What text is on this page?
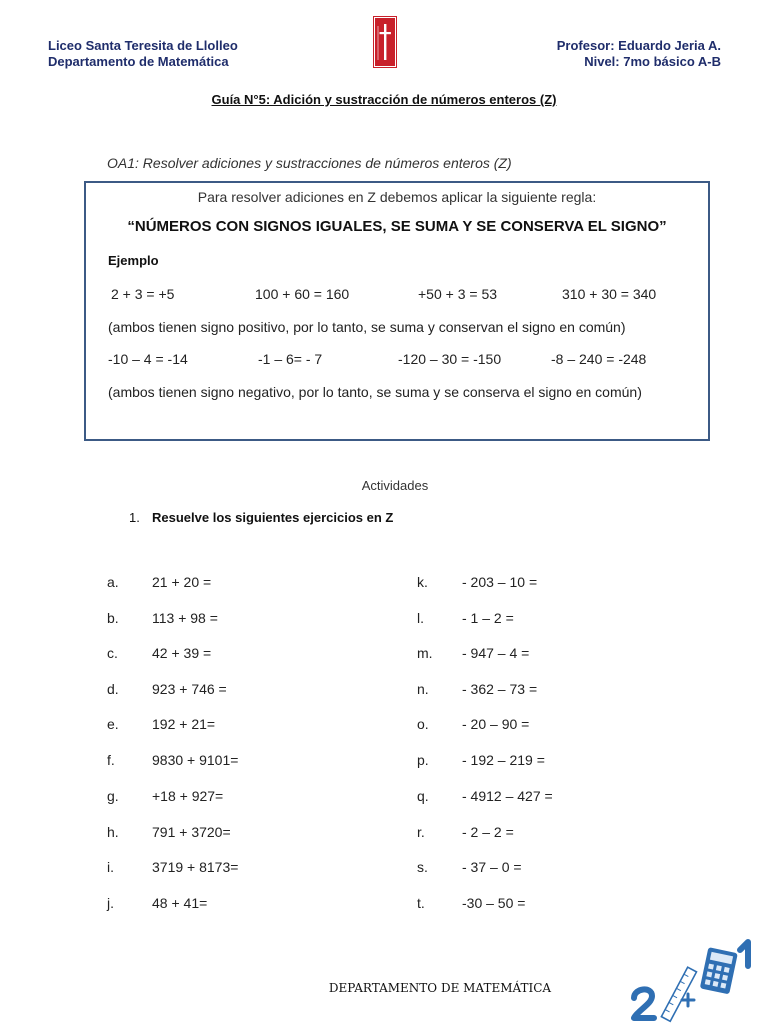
Liceo Santa Teresita de Llolleo
Departamento de Matemática
Profesor: Eduardo Jeria A.
Nivel: 7mo básico A-B
Guía N°5: Adición y sustracción de números enteros (Z)
OA1: Resolver adiciones y sustracciones de números enteros (Z)
Para resolver adiciones en Z debemos aplicar la siguiente regla:
“NÚMEROS CON SIGNOS IGUALES, SE SUMA Y SE CONSERVA EL SIGNO”
Ejemplo
2 + 3 = +5	100 + 60 = 160	+50 + 3 = 53	310 + 30 = 340
(ambos tienen signo positivo, por lo tanto, se suma y conservan el signo en común)
-10 – 4 = -14	-1 – 6= - 7	-120 – 30 = -150	-8 – 240 = -248
(ambos tienen signo negativo, por lo tanto, se suma y se conserva el signo en común)
Actividades
1. Resuelve los siguientes ejercicios en Z
a. 21 + 20 =
b. 113 + 98 =
c. 42 + 39 =
d. 923 + 746 =
e. 192 + 21=
f.	9830 + 9101=
g. +18 + 927=
h. 791 + 3720=
i.	3719 + 8173=
j.	48 + 41=
k. - 203 – 10 =
l.	- 1 – 2 =
m. - 947 – 4 =
n. - 362 – 73 =
o. - 20 – 90 =
p. - 192 – 219 =
q. - 4912 – 427 =
r.	- 2 – 2 =
s. - 37 – 0 =
t.	-30 – 50 =
DEPARTAMENTO DE MATEMÁTICA
